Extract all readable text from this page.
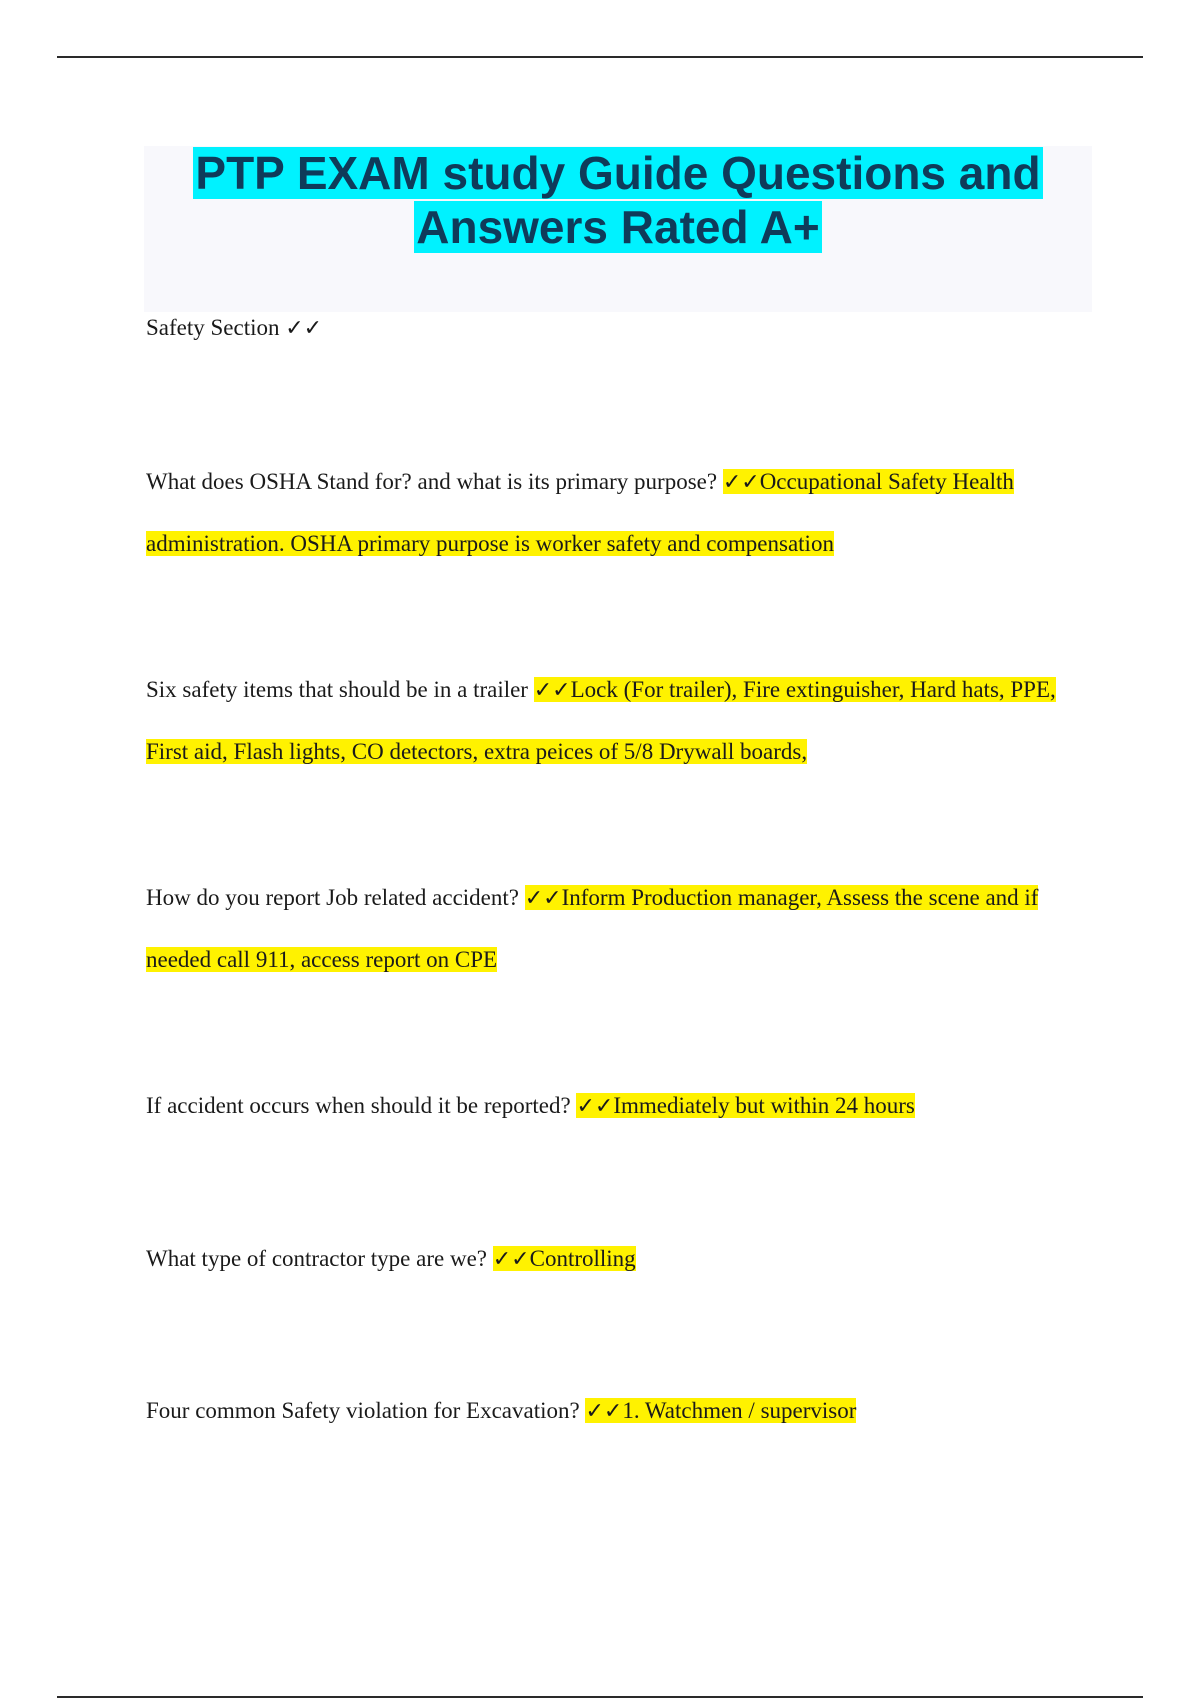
PTP EXAM study Guide Questions and
Answers Rated A+
Safety Section ✓✓
What does OSHA Stand for? and what is its primary purpose? ✓✓Occupational Safety Health administration. OSHA primary purpose is worker safety and compensation
Six safety items that should be in a trailer ✓✓Lock (For trailer), Fire extinguisher, Hard hats, PPE, First aid, Flash lights, CO detectors, extra peices of 5/8 Drywall boards,
How do you report Job related accident? ✓✓Inform Production manager, Assess the scene and if needed call 911, access report on CPE
If accident occurs when should it be reported? ✓✓Immediately but within 24 hours
What type of contractor type are we? ✓✓Controlling
Four common Safety violation for Excavation? ✓✓1. Watchmen / supervisor
